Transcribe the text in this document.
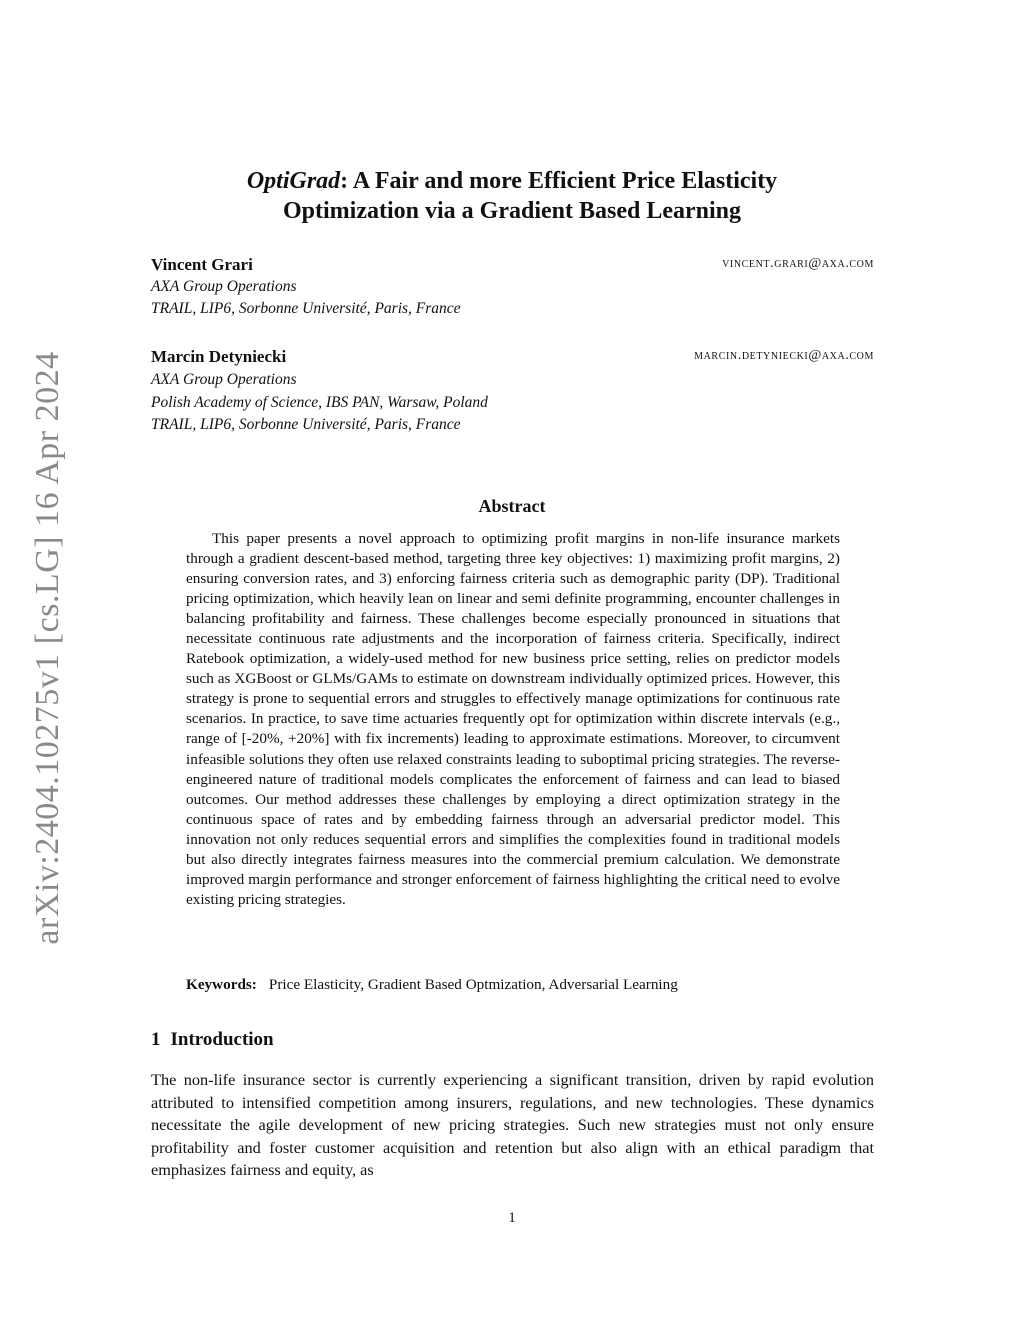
arXiv:2404.10275v1 [cs.LG] 16 Apr 2024
OptiGrad: A Fair and more Efficient Price Elasticity
Optimization via a Gradient Based Learning
Vincent Grari	vincent.grari@axa.com
AXA Group Operations
TRAIL, LIP6, Sorbonne Université, Paris, France
Marcin Detyniecki	marcin.detyniecki@axa.com
AXA Group Operations
Polish Academy of Science, IBS PAN, Warsaw, Poland
TRAIL, LIP6, Sorbonne Université, Paris, France
Abstract

This paper presents a novel approach to optimizing profit margins in non-life insurance markets through a gradient descent-based method, targeting three key objectives: 1) maximizing profit margins, 2) ensuring conversion rates, and 3) enforcing fairness criteria such as demographic parity (DP). Traditional pricing optimization, which heavily lean on linear and semi definite programming, encounter challenges in balancing profitability and fairness. These challenges become especially pronounced in situations that necessitate continuous rate adjustments and the incorporation of fairness criteria. Specifically, indirect Ratebook optimization, a widely-used method for new business price setting, relies on predictor models such as XGBoost or GLMs/GAMs to estimate on downstream individually optimized prices. However, this strategy is prone to sequential errors and struggles to effectively manage optimizations for continuous rate scenarios. In practice, to save time actuaries frequently opt for optimization within discrete intervals (e.g., range of [-20%, +20%] with fix increments) leading to approximate estimations. Moreover, to circumvent infeasible solutions they often use relaxed constraints leading to suboptimal pricing strategies. The reverse-engineered nature of traditional models complicates the enforcement of fairness and can lead to biased outcomes. Our method addresses these challenges by employing a direct optimization strategy in the continuous space of rates and by embedding fairness through an adversarial predictor model. This innovation not only reduces sequential errors and simplifies the complexities found in traditional models but also directly integrates fairness measures into the commercial premium calculation. We demonstrate improved margin performance and stronger enforcement of fairness highlighting the critical need to evolve existing pricing strategies.

Keywords: Price Elasticity, Gradient Based Optmization, Adversarial Learning
1 Introduction

The non-life insurance sector is currently experiencing a significant transition, driven by rapid evolution attributed to intensified competition among insurers, regulations, and new technologies. These dynamics necessitate the agile development of new pricing strategies. Such new strategies must not only ensure profitability and foster customer acquisition and retention but also align with an ethical paradigm that emphasizes fairness and equity, as

1
